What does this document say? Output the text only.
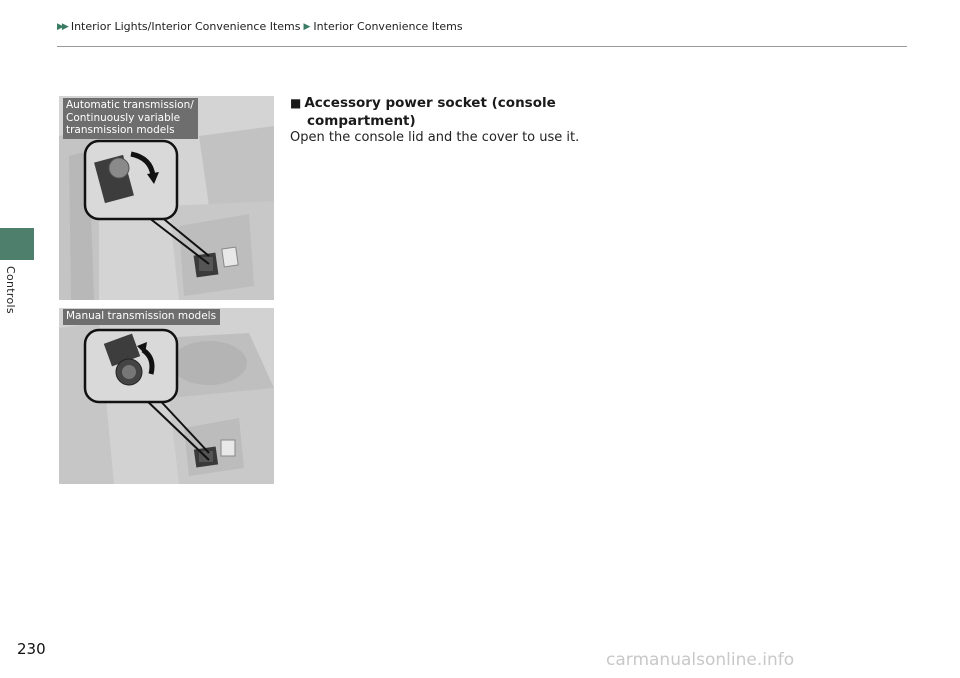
▶▶ Interior Lights/Interior Convenience Items ▶ Interior Convenience Items
Controls
Automatic transmission/
Continuously variable
transmission models
Manual transmission models
■ Accessory power socket (console
compartment)
Open the console lid and the cover to use it.
230
carmanualsonline.info
